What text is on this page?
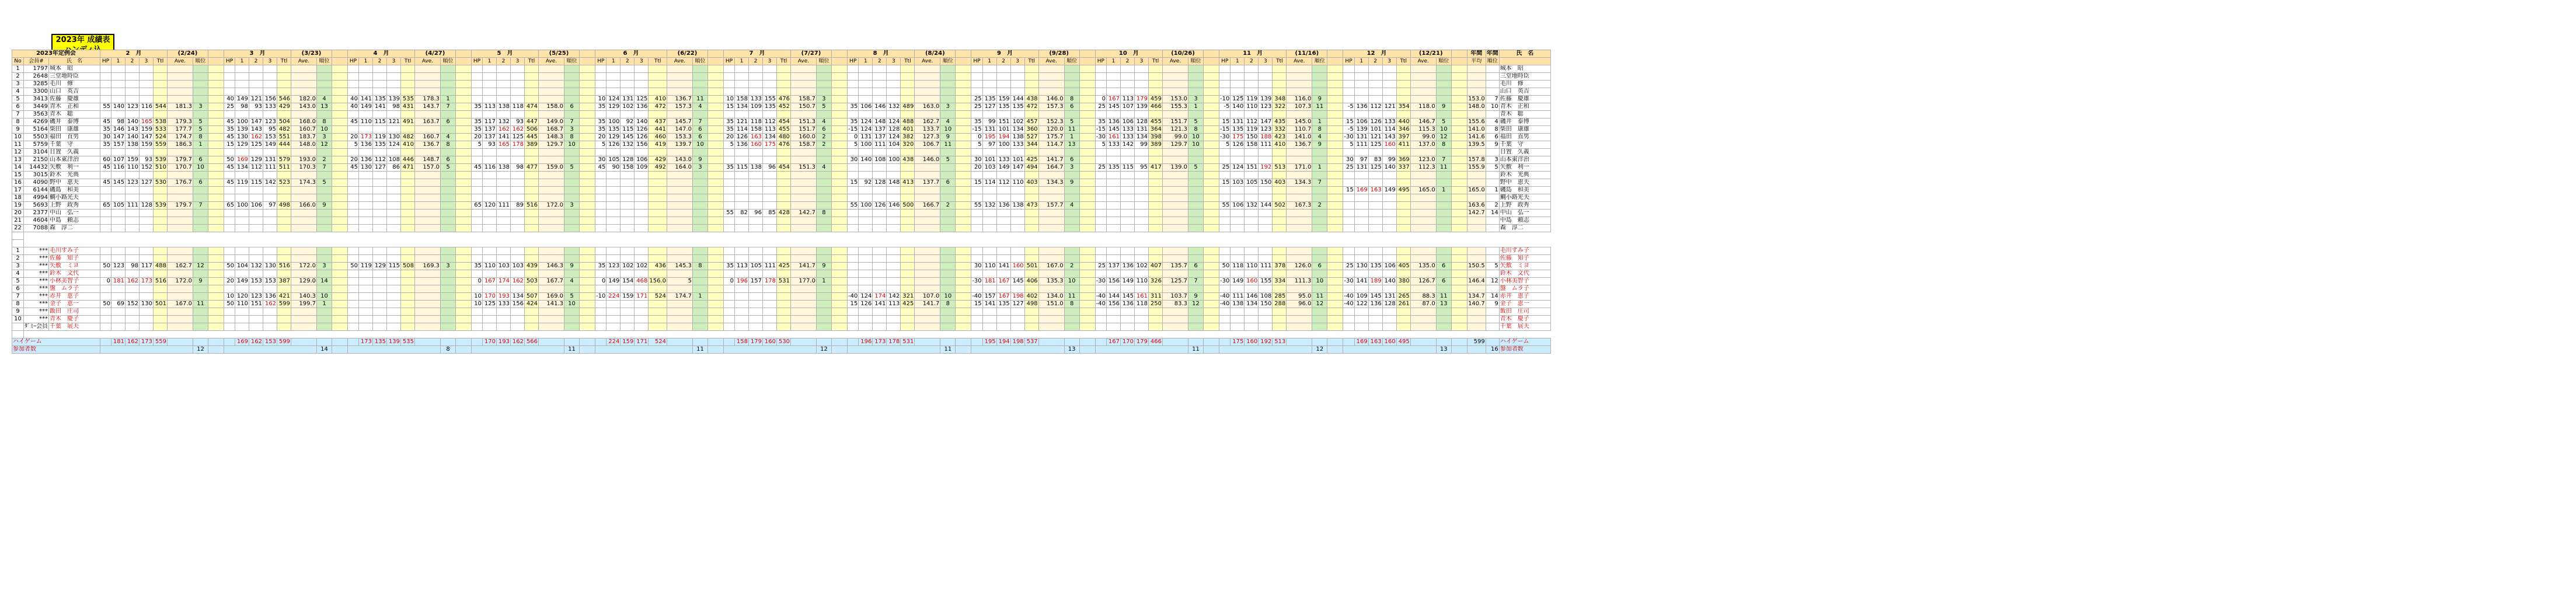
2023年 成績表
2023年定例会	2　月	(2/24)		3　月	(3/23)		4　月	(4/27)		5　月	(5/25)		6　月	(6/22)		7　月	(7/27)		8　月	(8/24)		9　月	(9/28)		10　月	(10/26)		11　月	(11/16)		12　月	(12/21)		年間	年間	氏　名
No	会員#	氏　名	HP	1	2	3	Ttl	Ave.	順位		HP	1	2	3	Ttl	Ave.	順位		HP	1	2	3	Ttl	Ave.	順位		HP	1	2	3	Ttl	Ave.	順位		HP	1	2	3	Ttl	Ave.	順位		HP	1	2	3	Ttl	Ave.	順位		HP	1	2	3	Ttl	Ave.	順位		HP	1	2	3	Ttl	Ave.	順位		HP	1	2	3	Ttl	Ave.	順位		HP	1	2	3	Ttl	Ave.	順位		HP	1	2	3	Ttl	Ave.	順位		平均	順位	
1	1797	城本　昭																																																																																											城本　昭
2	2648	三堂地時臣																																																																																											三堂地時臣
3	3285	毛川　修																																																																																											毛川　修
4	3300	山口　英吉																																																																																											山口　英吉
5	3413	佐藤　慶雄									40	149	121	156	546	182.0	4		40	141	135	139	535	178.3	1										10	124	131	125	410	136.7	11		10	158	133	155	476	158.7	3										25	135	159	144	438	146.0	8		0	167	113	179	459	153.0	3		-10	125	119	139	348	116.0	9										153.0	7	佐藤　慶雄
6	3449	青木　正和	55	140	123	116	544	181.3	3		25	98	93	133	429	143.0	13		40	149	141	98	431	143.7	7		35	113	138	118	474	158.0	6		35	129	102	136	472	157.3	4		15	134	109	135	452	150.7	5		35	106	146	132	489	163.0	3		25	127	135	135	472	157.3	6		25	145	107	139	466	155.3	1		-5	140	110	123	322	107.3	11		-5	136	112	121	354	118.0	9		148.0	10	青木　正和
7	3563	青木　聡																																																																																											青木　聡
8	4269	磯井　泰博	45	98	140	165	538	179.3	5		45	100	147	123	504	168.0	8		45	110	115	121	491	163.7	6		35	117	132	93	447	149.0	7		35	100	92	140	437	145.7	7		35	121	118	112	454	151.3	4		35	124	148	124	488	162.7	4		35	99	151	102	457	152.3	5		35	136	106	128	455	151.7	5		15	131	112	147	435	145.0	1		15	106	126	133	440	146.7	5		155.6	4	磯井　泰博
9	5164	柴田　康雄	35	146	143	159	533	177.7	5		35	139	143	95	482	160.7	10										35	137	162	162	506	168.7	3		35	135	115	126	441	147.0	6		35	114	158	113	455	151.7	6		-15	124	137	128	401	133.7	10		-15	131	101	134	360	120.0	11		-15	145	133	131	364	121.3	8		-15	135	119	123	332	110.7	8		-5	139	101	114	346	115.3	10		141.0	8	柴田　康雄
10	5503	福田　直男	30	147	140	147	524	174.7	8		45	130	162	153	551	183.7	3		20	173	119	130	482	160.7	4		20	137	141	125	445	148.3	8		20	129	145	126	460	153.3	6		20	126	163	134	480	160.0	2		0	131	137	124	382	127.3	9		0	195	194	138	527	175.7	1		-30	161	133	134	398	99.0	10		-30	175	150	188	423	141.0	4		-30	131	121	143	397	99.0	12		141.6	6	福田　直男
11	5759	千葉　守	35	157	138	159	559	186.3	1		15	129	125	149	444	148.0	12		5	136	135	124	410	136.7	8		5	93	165	178	389	129.7	10		5	126	132	156	419	139.7	10		5	136	160	175	476	158.7	2		5	100	111	104	320	106.7	11		5	97	100	133	344	114.7	13		5	133	142	99	389	129.7	10		5	126	158	111	410	136.7	9		5	111	125	160	411	137.0	8		139.5	9	千葉　守
12	3104	日置　久義																																																																																											日置　久義
13	2150	山本東洋治	60	107	159	93	539	179.7	6		50	169	129	131	579	193.0	2		20	136	112	108	446	148.7	6										30	105	128	106	429	143.0	9										30	140	108	100	438	146.0	5		30	101	133	101	425	141.7	6																		30	97	83	99	369	123.0	7		157.8	3	山本東洋治
14	14432	矢敷　利一	45	116	110	152	510	170.7	10		45	134	112	111	511	170.3	7		45	130	127	86	471	157.0	5		45	116	138	98	477	159.0	5		45	90	158	109	492	164.0	3		35	115	138	96	454	151.3	4										20	103	149	147	494	164.7	3		25	135	115	95	417	139.0	5		25	124	151	192	513	171.0	1		25	131	125	140	337	112.3	11		155.9	5	矢敷　利一
15	3015	鈴木　光典																																																																																											鈴木　光典
16	4090	野中　恵夫	45	145	123	127	530	176.7	6		45	119	115	142	523	174.3	5																																		15	92	128	148	413	137.7	6		15	114	112	110	403	134.3	9										15	103	105	150	403	134.3	7												野中　恵夫
17	6144	磯島　和美																																																																																	15	169	163	149	495	165.0	1		165.0	1	磯島　和美
18	4994	鯛小路光夫																																																																																											鯛小路光夫
19	5693	上野　政秀	65	105	111	128	539	179.7	7		65	100	106	97	498	166.0	9										65	120	111	89	516	172.0	3																		55	100	126	146	500	166.7	2		55	132	136	138	473	157.7	4										55	106	132	144	502	167.3	2										163.6	2	上野　政秀
20	2377	中山　弘一																																									55	82	96	85	428	142.7	8																																										142.7	14	中山　弘一
21	4604	中島　頼志																																																																																											中島　頼志
22	7088	森　淳二																																																																																											森　淳二

1	***	毛川すみ子																																																																																											毛川すみ子
2	***	佐藤　知子																																																																																											佐藤　知子
3	***	矢敷　ミヨ	50	123	98	117	488	162.7	12		50	104	132	130	516	172.0	3		50	119	129	115	508	169.3	3		35	110	103	103	439	146.3	9		35	123	102	102	436	145.3	8		35	113	105	111	425	141.7	9										30	110	141	160	501	167.0	2		25	137	136	102	407	135.7	6		50	118	110	111	378	126.0	6		25	130	135	106	405	135.0	6		150.5	5	矢敷　ミヨ
4	***	鈴木　文代																																																																																											鈴木　文代
5	***	小林美智子	0	181	162	173	516	172.0	9		20	149	153	153	387	129.0	14										0	167	174	162	503	167.7	4		0	149	154	468	156.0	5			0	196	157	178	531	177.0	1										-30	181	167	145	406	135.3	10		-30	156	149	110	326	125.7	7		-30	149	160	155	334	111.3	10		-30	141	189	140	380	126.7	6		146.4	12	小林美智子
6	***	盤　ムラ子																																																																																											盤　ムラ子
7	***	赤井　恵子									10	120	123	136	421	140.3	10										10	170	193	134	507	169.0	5		-10	224	159	171	524	174.7	1										-40	124	174	142	321	107.0	10		-40	157	167	198	402	134.0	11		-40	144	145	161	311	103.7	9		-40	111	146	108	285	95.0	11		-40	109	145	131	265	88.3	11		134.7	14	赤井　恵子
8	***	金子　恵一	50	69	152	130	501	167.0	11		50	110	151	162	599	199.7	1										10	125	133	156	424	141.3	10																		15	126	141	113	425	141.7	8		15	141	135	127	498	151.0	8		-40	156	136	118	250	83.3	12		-40	138	134	150	288	96.0	12		-40	122	136	128	261	87.0	13		140.7	9	金子　恵一
9	***	飯田　庄司																																																																																											飯田　庄司
10	***	青木　慶子																																																																																											青木　慶子
	ﾀﾞﾐｰ会員	千葉　展夫																																																																																											千葉　展夫

ハイゲーム		181	162	173	559					169	162	153	599					173	135	139	535					170	193	162	566					224	159	171	524					158	179	160	530					196	173	178	531					195	194	198	537					167	170	179	466					175	160	192	513					169	163	160	495				599		ハイゲーム
参加者数		12			14			8			11			11			12			11			13			11			12			13			16	参加者数
